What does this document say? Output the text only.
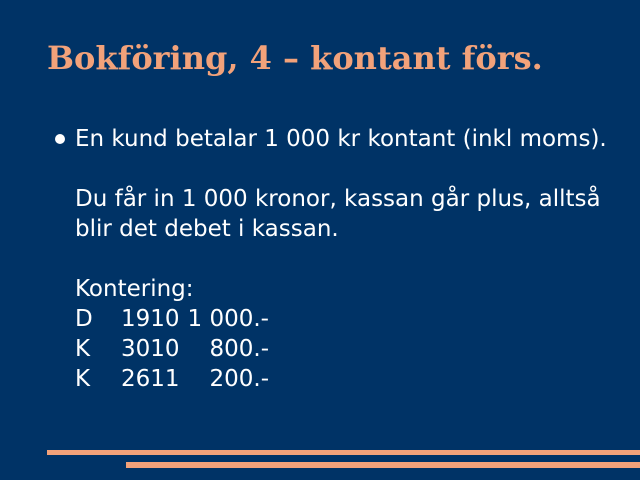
Bokföring, 4 – kontant förs.

En kund betalar 1 000 kr kontant (inkl moms).

Du får in 1 000 kronor, kassan går plus, alltså blir det debet i kassan.

Kontering:

D	1910 1 000.-
K	3010	800.-
K	2611	200.-
